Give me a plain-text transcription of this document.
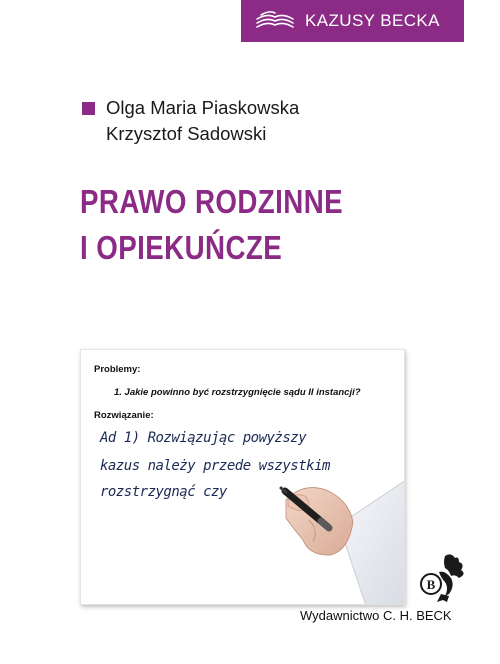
KAZUSY BECKA
Olga Maria Piaskowska
Krzysztof Sadowski
PRAWO RODZINNE
I OPIEKUŃCZE
Problemy:
1. Jakie powinno być rozstrzygnięcie sądu II instancji?
Rozwiązanie:
Ad 1) Rozwiązując powyższy
kazus należy przede wszystkim
rozstrzygnąć czy
B
Wydawnictwo C. H. BECK
